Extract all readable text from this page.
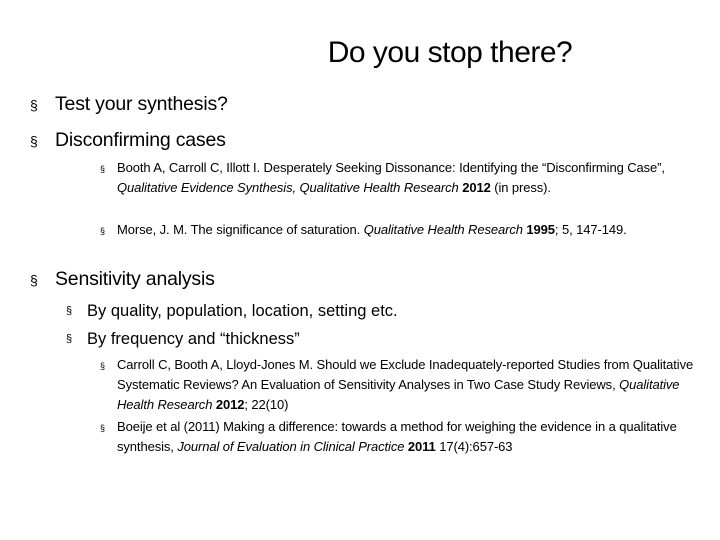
Do you stop there?
§ Test your synthesis?
§ Disconfirming cases
§ Booth A, Carroll C, Illott I. Desperately Seeking Dissonance: Identifying the “Disconfirming Case”, Qualitative Evidence Synthesis, Qualitative Health Research 2012 (in press).
§ Morse, J. M. The significance of saturation. Qualitative Health Research 1995; 5, 147-149.
§ Sensitivity analysis
§ By quality, population, location, setting etc.
§ By frequency and “thickness”
§ Carroll C, Booth A, Lloyd-Jones M. Should we Exclude Inadequately-reported Studies from Qualitative Systematic Reviews? An Evaluation of Sensitivity Analyses in Two Case Study Reviews, Qualitative Health Research 2012; 22(10)
§ Boeije et al (2011) Making a difference: towards a method for weighing the evidence in a qualitative synthesis, Journal of Evaluation in Clinical Practice 2011 17(4):657-63
